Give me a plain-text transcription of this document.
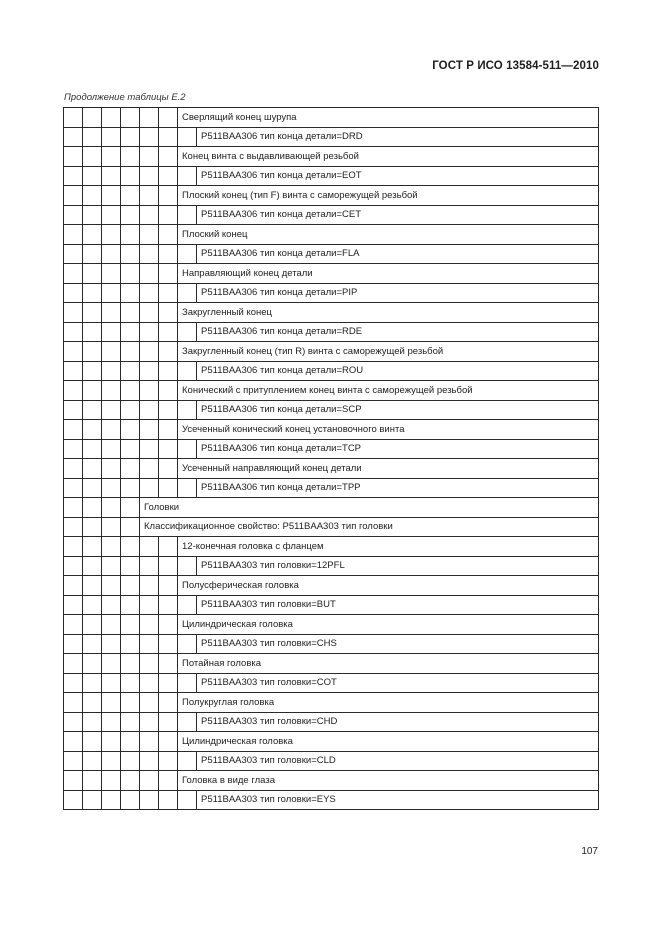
ГОСТ Р ИСО 13584-511—2010
Продолжение таблицы Е.2
						Сверлящий конец шурупа	
							P511BAA306 тип конца детали=DRD
						Конец винта с выдавливающей резьбой	
							P511BAA306 тип конца детали=EOT
						Плоский конец (тип F) винта с саморежущей резьбой	
							P511BAA306 тип конца детали=CET
						Плоский конец	
							P511BAA306 тип конца детали=FLA
						Направляющий конец детали	
							P511BAA306 тип конца детали=PIP
						Закругленный конец	
							P511BAA306 тип конца детали=RDE
						Закругленный конец (тип R) винта с саморежущей резьбой	
							P511BAA306 тип конца детали=ROU
						Конический с притуплением конец винта с саморежущей резьбой	
							P511BAA306 тип конца детали=SCP
						Усеченный конический конец установочного винта	
							P511BAA306 тип конца детали=TCP
						Усеченный направляющий конец детали	
							P511BAA306 тип конца детали=TPP
				Головки			
				Классификационное свойство: P511BAA303 тип головки			
						12-конечная головка с фланцем	
							P511BAA303 тип головки=12PFL
						Полусферическая головка	
							P511BAA303 тип головки=BUT
						Цилиндрическая головка	
							P511BAA303 тип головки=CHS
						Потайная головка	
							P511BAA303 тип головки=COT
						Полукруглая головка	
							P511BAA303 тип головки=CHD
						Цилиндрическая головка	
							P511BAA303 тип головки=CLD
						Головка в виде глаза	
							P511BAA303 тип головки=EYS
107
